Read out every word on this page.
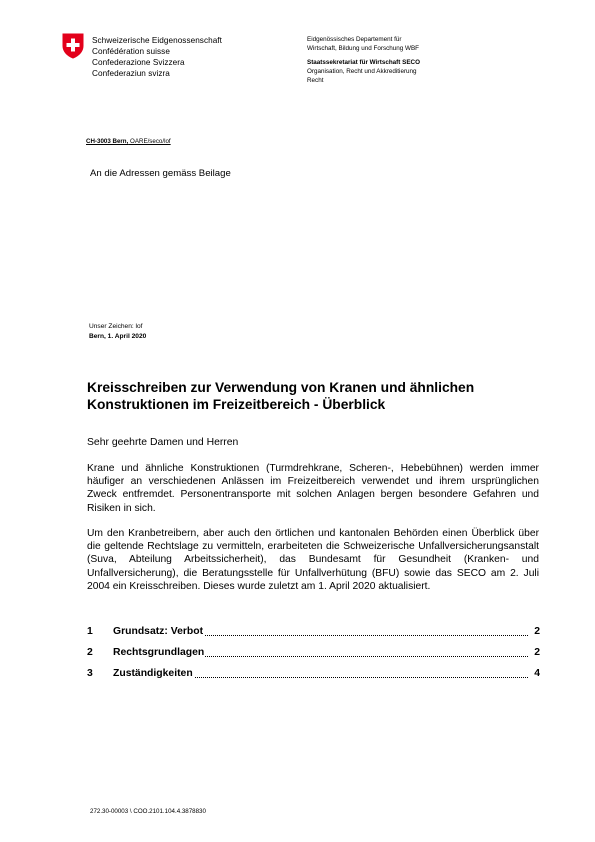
Schweizerische Eidgenossenschaft
Confédération suisse
Confederazione Svizzera
Confederaziun svizra
Eidgenössisches Departement für
Wirtschaft, Bildung und Forschung WBF
Staatssekretariat für Wirtschaft SECO
Organisation, Recht und Akkreditierung
Recht
CH-3003 Bern, OARE/seco/lof
An die Adressen gemäss Beilage
Unser Zeichen: lof
Bern, 1. April 2020
Kreisschreiben zur Verwendung von Kranen und ähnlichen
Konstruktionen im Freizeitbereich - Überblick
Sehr geehrte Damen und Herren
Krane und ähnliche Konstruktionen (Turmdrehkrane, Scheren-, Hebebühnen) werden immer häufiger an verschiedenen Anlässen im Freizeitbereich verwendet und ihrem ursprünglichen Zweck entfremdet. Personentransporte mit solchen Anlagen bergen besondere Gefahren und Risiken in sich.
Um den Kranbetreibern, aber auch den örtlichen und kantonalen Behörden einen Überblick über die geltende Rechtslage zu vermitteln, erarbeiteten die Schweizerische Unfallversicherungsanstalt (Suva, Abteilung Arbeitssicherheit), das Bundesamt für Gesundheit (Kranken- und Unfallversicherung), die Beratungsstelle für Unfallverhütung (BFU) sowie das SECO am 2. Juli 2004 ein Kreisschreiben. Dieses wurde zuletzt am 1. April 2020 aktualisiert.
1 Grundsatz: Verbot	2
2 Rechtsgrundlagen	2
3 Zuständigkeiten	4
272.30-00003 \ COO.2101.104.4.3878830
